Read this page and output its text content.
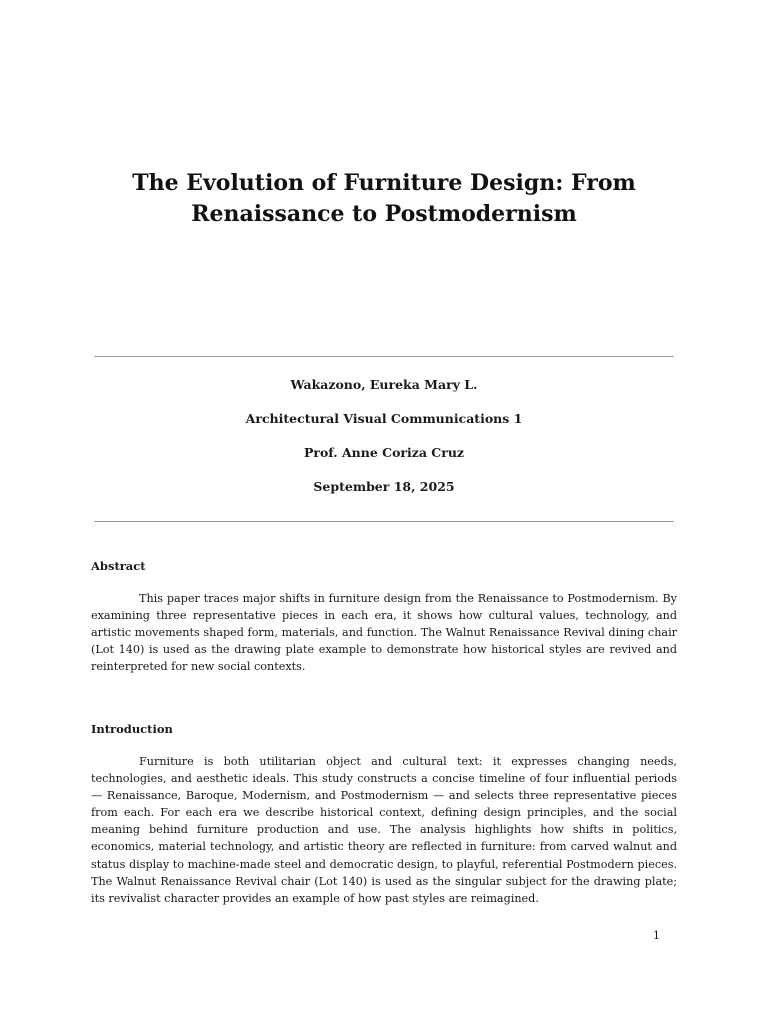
The Evolution of Furniture Design: From Renaissance to Postmodernism

Wakazono, Eureka Mary L.

Architectural Visual Communications 1

Prof. Anne Coriza Cruz

September 18, 2025

Abstract

This paper traces major shifts in furniture design from the Renaissance to Postmodernism. By examining three representative pieces in each era, it shows how cultural values, technology, and artistic movements shaped form, materials, and function. The Walnut Renaissance Revival dining chair (Lot 140) is used as the drawing plate example to demonstrate how historical styles are revived and reinterpreted for new social contexts.

Introduction

Furniture is both utilitarian object and cultural text: it expresses changing needs, technologies, and aesthetic ideals. This study constructs a concise timeline of four influential periods — Renaissance, Baroque, Modernism, and Postmodernism — and selects three representative pieces from each. For each era we describe historical context, defining design principles, and the social meaning behind furniture production and use. The analysis highlights how shifts in politics, economics, material technology, and artistic theory are reflected in furniture: from carved walnut and status display to machine-made steel and democratic design, to playful, referential Postmodern pieces. The Walnut Renaissance Revival chair (Lot 140) is used as the singular subject for the drawing plate; its revivalist character provides an example of how past styles are reimagined.

1
